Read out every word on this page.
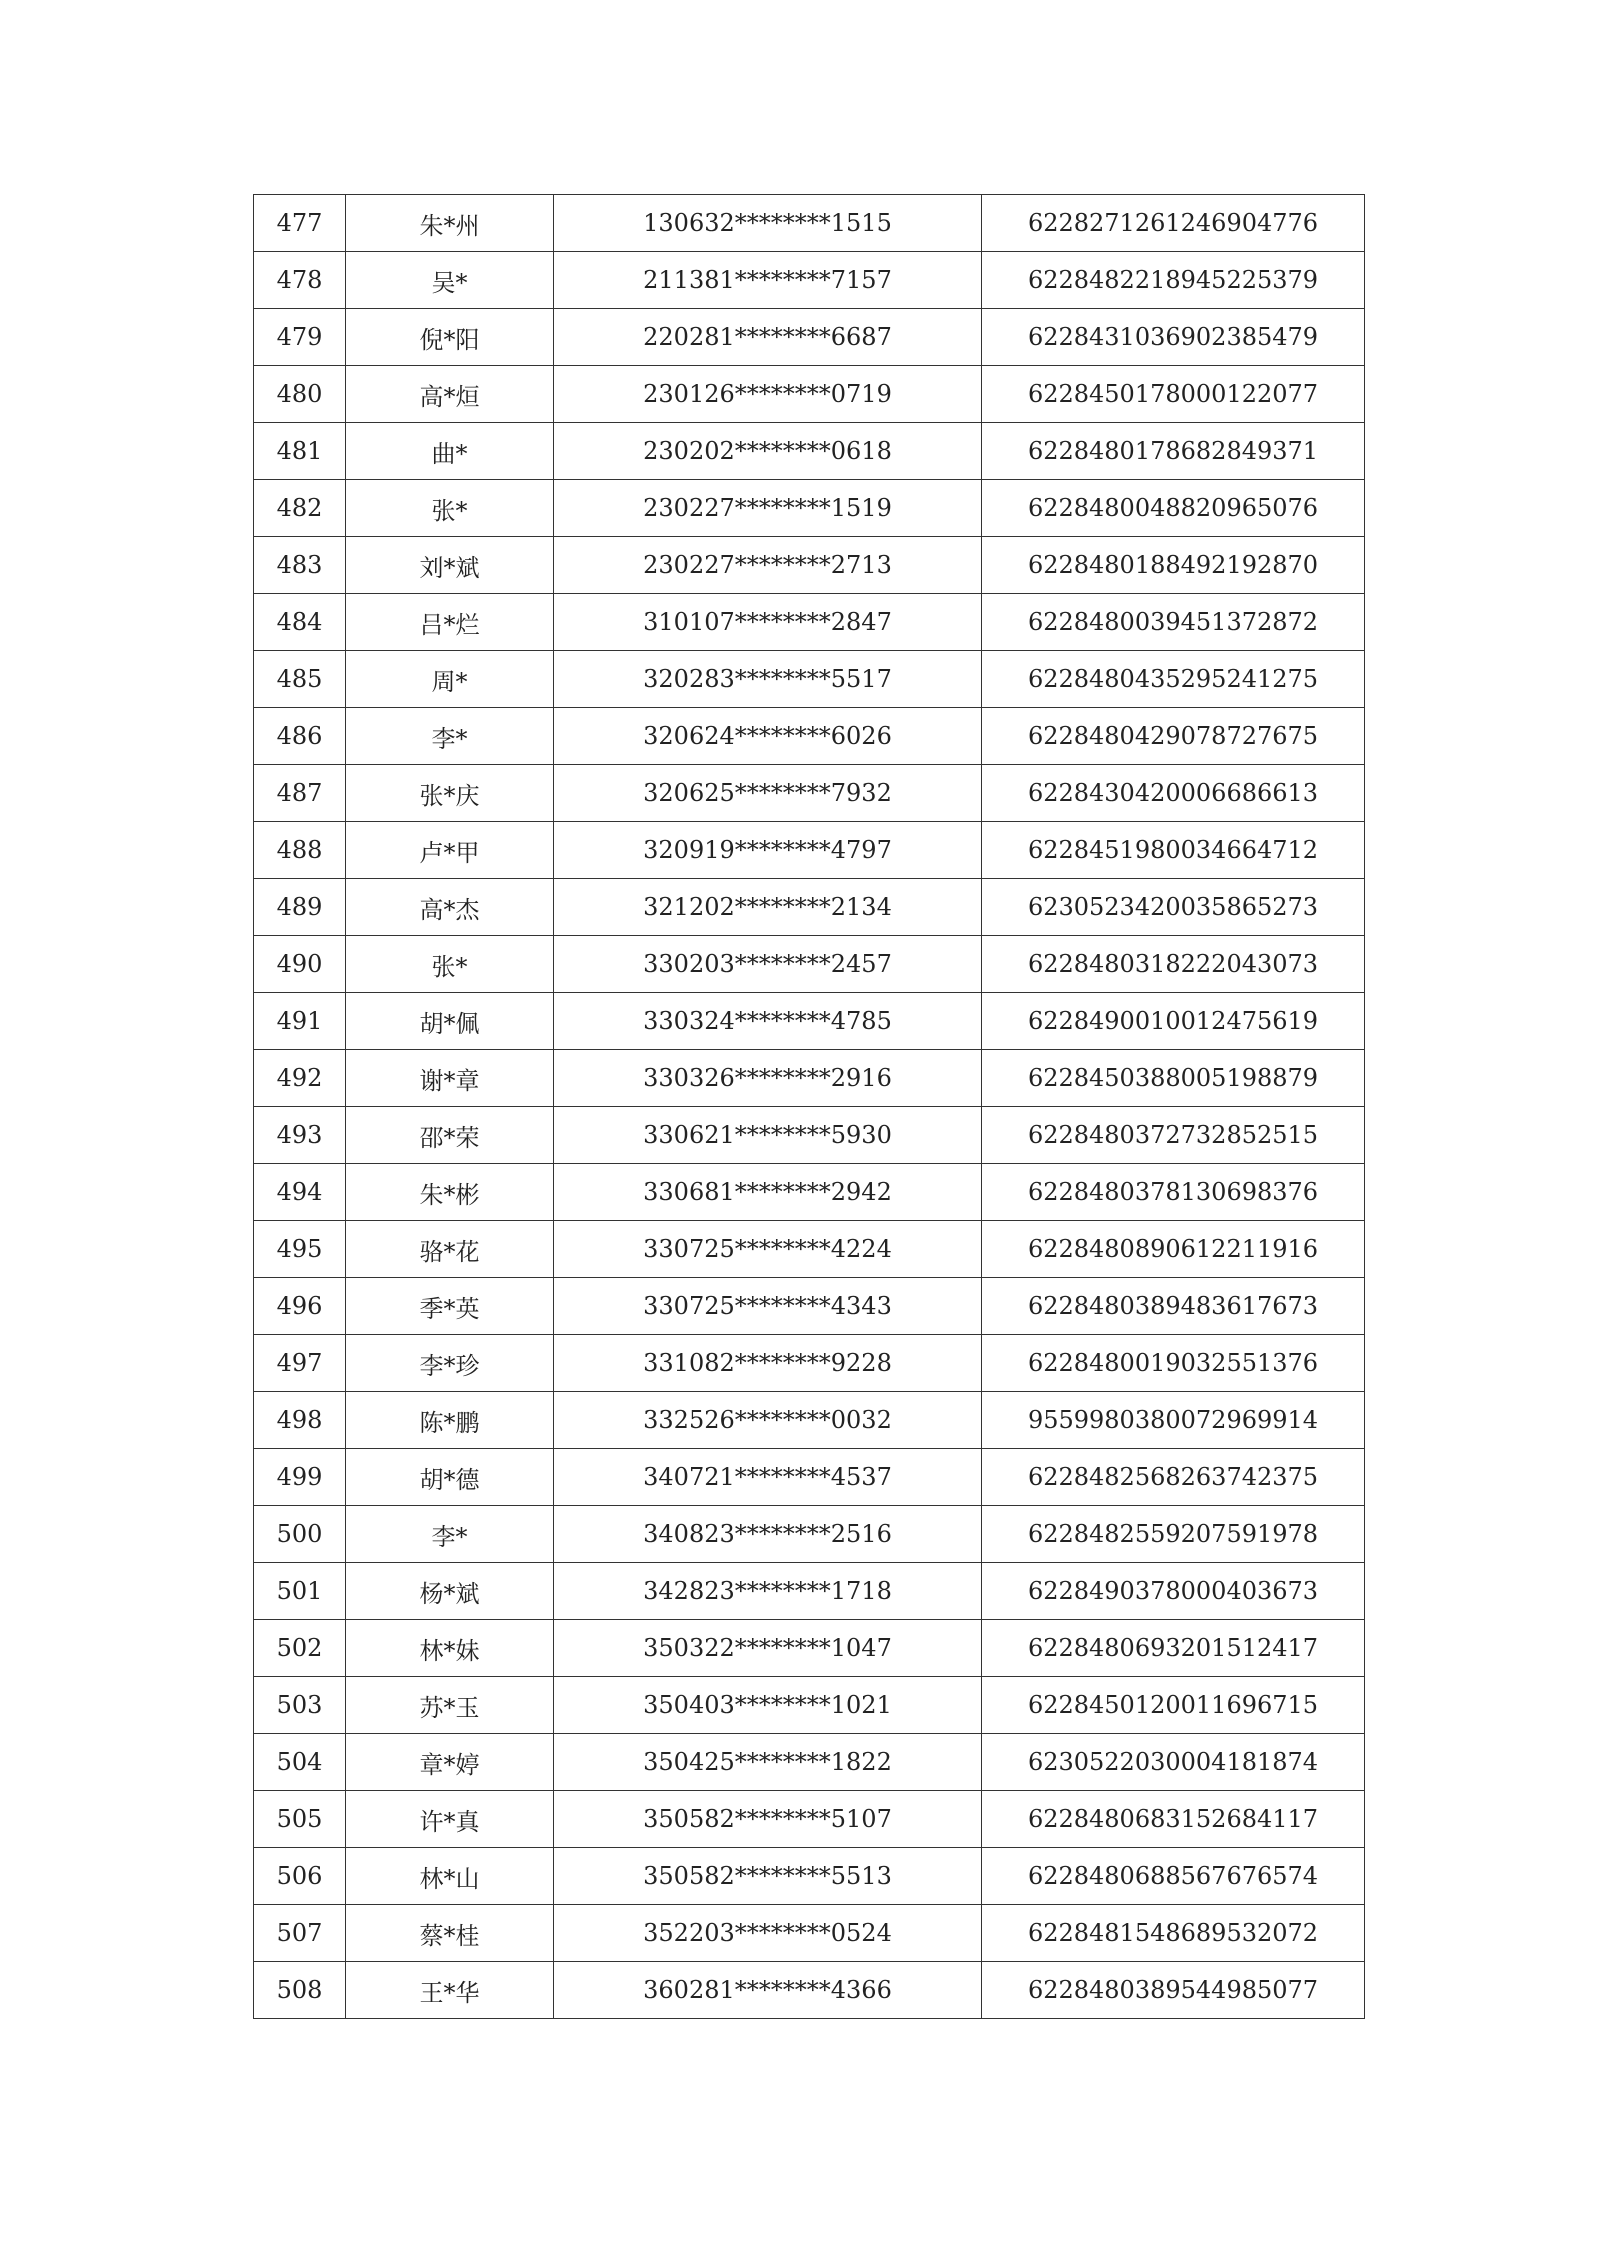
477	朱*州	130632********1515	6228271261246904776
478	吴*	211381********7157	6228482218945225379
479	倪*阳	220281********6687	6228431036902385479
480	高*烜	230126********0719	6228450178000122077
481	曲*	230202********0618	6228480178682849371
482	张*	230227********1519	6228480048820965076
483	刘*斌	230227********2713	6228480188492192870
484	吕*烂	310107********2847	6228480039451372872
485	周*	320283********5517	6228480435295241275
486	李*	320624********6026	6228480429078727675
487	张*庆	320625********7932	6228430420006686613
488	卢*甲	320919********4797	6228451980034664712
489	高*杰	321202********2134	6230523420035865273
490	张*	330203********2457	6228480318222043073
491	胡*佩	330324********4785	6228490010012475619
492	谢*章	330326********2916	6228450388005198879
493	邵*荣	330621********5930	6228480372732852515
494	朱*彬	330681********2942	6228480378130698376
495	骆*花	330725********4224	6228480890612211916
496	季*英	330725********4343	6228480389483617673
497	李*珍	331082********9228	6228480019032551376
498	陈*鹏	332526********0032	9559980380072969914
499	胡*德	340721********4537	6228482568263742375
500	李*	340823********2516	6228482559207591978
501	杨*斌	342823********1718	6228490378000403673
502	林*妹	350322********1047	6228480693201512417
503	苏*玉	350403********1021	6228450120011696715
504	章*婷	350425********1822	6230522030004181874
505	许*真	350582********5107	6228480683152684117
506	林*山	350582********5513	6228480688567676574
507	蔡*桂	352203********0524	6228481548689532072
508	王*华	360281********4366	6228480389544985077
